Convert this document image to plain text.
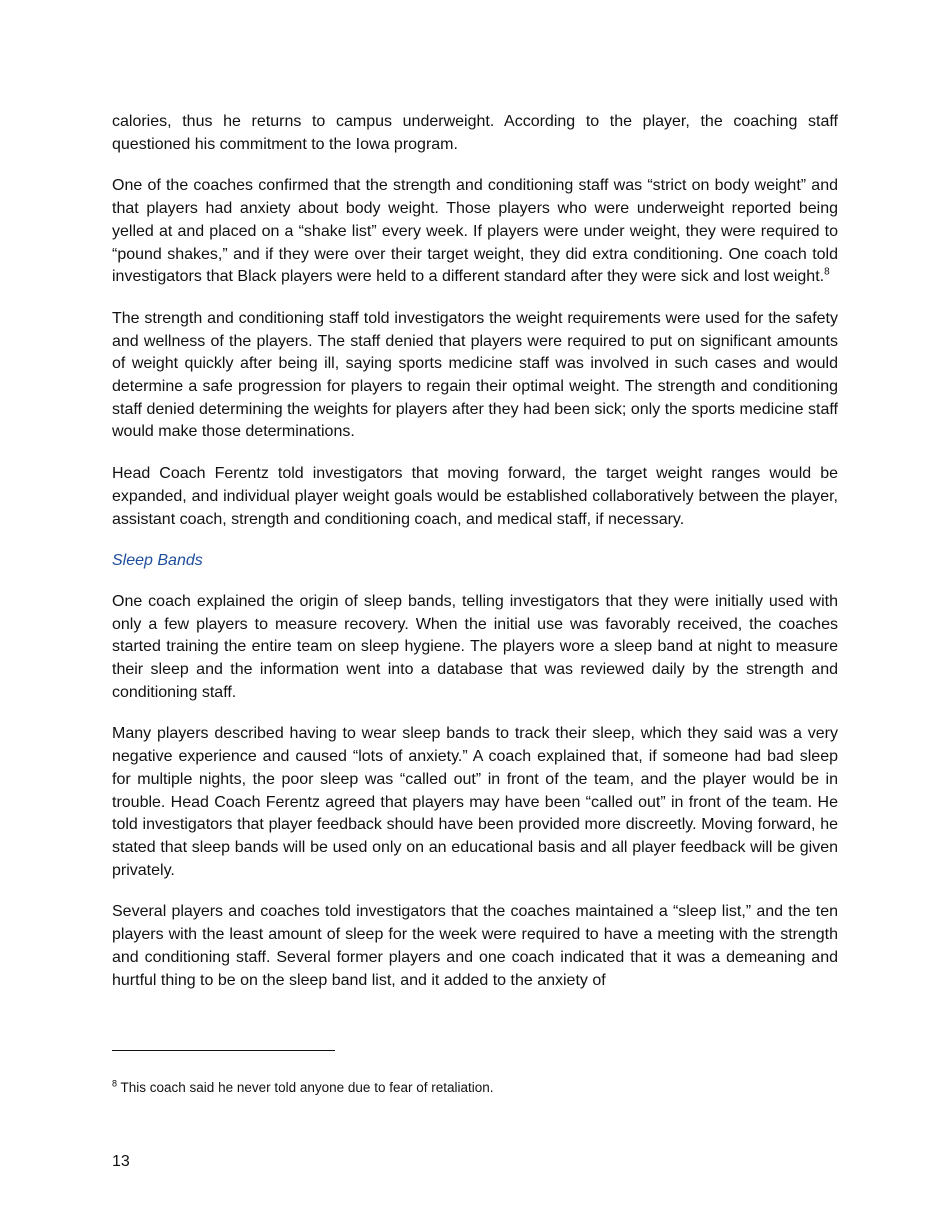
calories, thus he returns to campus underweight. According to the player, the coaching staff questioned his commitment to the Iowa program.

One of the coaches confirmed that the strength and conditioning staff was “strict on body weight” and that players had anxiety about body weight. Those players who were underweight reported being yelled at and placed on a “shake list” every week. If players were under weight, they were required to “pound shakes,” and if they were over their target weight, they did extra conditioning. One coach told investigators that Black players were held to a different standard after they were sick and lost weight.$^8$

The strength and conditioning staff told investigators the weight requirements were used for the safety and wellness of the players. The staff denied that players were required to put on significant amounts of weight quickly after being ill, saying sports medicine staff was involved in such cases and would determine a safe progression for players to regain their optimal weight. The strength and conditioning staff denied determining the weights for players after they had been sick; only the sports medicine staff would make those determinations.

Head Coach Ferentz told investigators that moving forward, the target weight ranges would be expanded, and individual player weight goals would be established collaboratively between the player, assistant coach, strength and conditioning coach, and medical staff, if necessary.

Sleep Bands

One coach explained the origin of sleep bands, telling investigators that they were initially used with only a few players to measure recovery. When the initial use was favorably received, the coaches started training the entire team on sleep hygiene. The players wore a sleep band at night to measure their sleep and the information went into a database that was reviewed daily by the strength and conditioning staff.

Many players described having to wear sleep bands to track their sleep, which they said was a very negative experience and caused “lots of anxiety.” A coach explained that, if someone had bad sleep for multiple nights, the poor sleep was “called out” in front of the team, and the player would be in trouble. Head Coach Ferentz agreed that players may have been “called out” in front of the team. He told investigators that player feedback should have been provided more discreetly. Moving forward, he stated that sleep bands will be used only on an educational basis and all player feedback will be given privately.

Several players and coaches told investigators that the coaches maintained a “sleep list,” and the ten players with the least amount of sleep for the week were required to have a meeting with the strength and conditioning staff. Several former players and one coach indicated that it was a demeaning and hurtful thing to be on the sleep band list, and it added to the anxiety of

$^8$ This coach said he never told anyone due to fear of retaliation.
13
